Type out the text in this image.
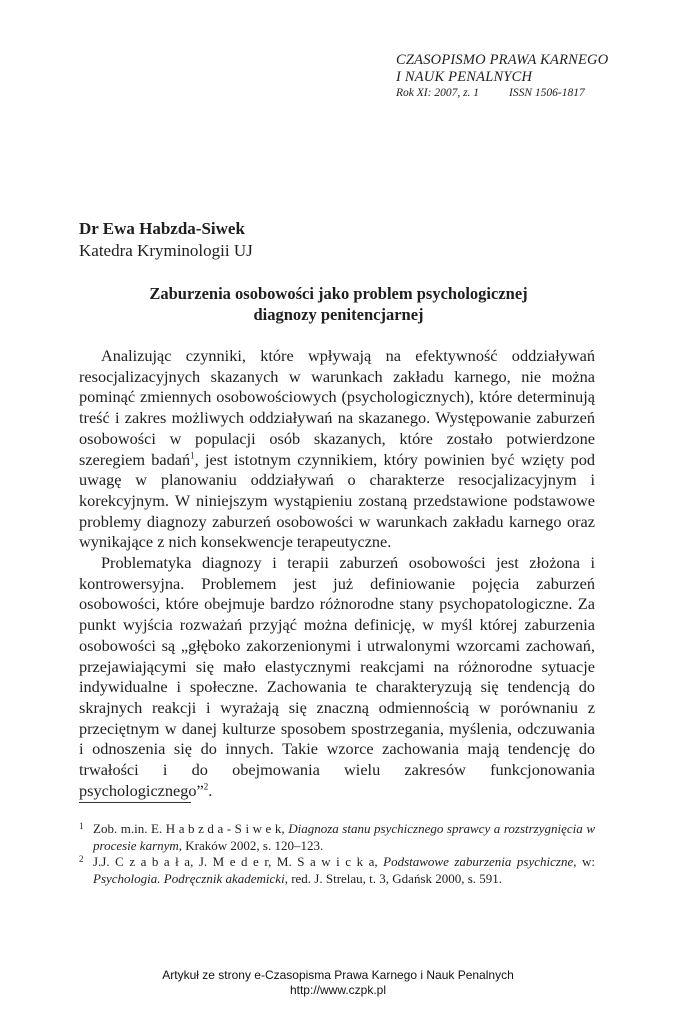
CZASOPISMO PRAWA KARNEGO
I NAUK PENALNYCH
Rok XI: 2007, z. 1	ISSN 1506-1817
Dr Ewa Habzda-Siwek
Katedra Kryminologii UJ
Zaburzenia osobowości jako problem psychologicznej
diagnozy penitencjarnej

Analizując czynniki, które wpływają na efektywność oddziaływań resocjalizacyjnych skazanych w warunkach zakładu karnego, nie można pominąć zmiennych osobowościowych (psychologicznych), które determinują treść i zakres możliwych oddziaływań na skazanego. Występowanie zaburzeń osobowości w populacji osób skazanych, które zostało potwierdzone szeregiem badań$^1$, jest istotnym czynnikiem, który powinien być wzięty pod uwagę w planowaniu oddziaływań o charakterze resocjalizacyjnym i korekcyjnym. W niniejszym wystąpieniu zostaną przedstawione podstawowe problemy diagnozy zaburzeń osobowości w warunkach zakładu karnego oraz wynikające z nich konsekwencje terapeutyczne.

Problematyka diagnozy i terapii zaburzeń osobowości jest złożona i kontrowersyjna. Problemem jest już definiowanie pojęcia zaburzeń osobowości, które obejmuje bardzo różnorodne stany psychopatologiczne. Za punkt wyjścia rozważań przyjąć można definicję, w myśl której zaburzenia osobowości są „głęboko zakorzenionymi i utrwalonymi wzorcami zachowań, przejawiającymi się mało elastycznymi reakcjami na różnorodne sytuacje indywidualne i społeczne. Zachowania te charakteryzują się tendencją do skrajnych reakcji i wyrażają się znaczną odmiennością w porównaniu z przeciętnym w danej kulturze sposobem spostrzegania, myślenia, odczuwania i odnoszenia się do innych. Takie wzorce zachowania mają tendencję do trwałości i do obejmowania wielu zakresów funkcjonowania psychologicznego”$^2$.

1 Zob. m.in. E. H a b z d a - S i w e k, Diagnoza stanu psychicznego sprawcy a rozstrzygnięcia w procesie karnym, Kraków 2002, s. 120–123.
2 J.J. C z a b a ł a, J. M e d e r, M. S a w i c k a, Podstawowe zaburzenia psychiczne, w: Psychologia. Podręcznik akademicki, red. J. Strelau, t. 3, Gdańsk 2000, s. 591.
Artykuł ze strony e-Czasopisma Prawa Karnego i Nauk Penalnych
http://www.czpk.pl
